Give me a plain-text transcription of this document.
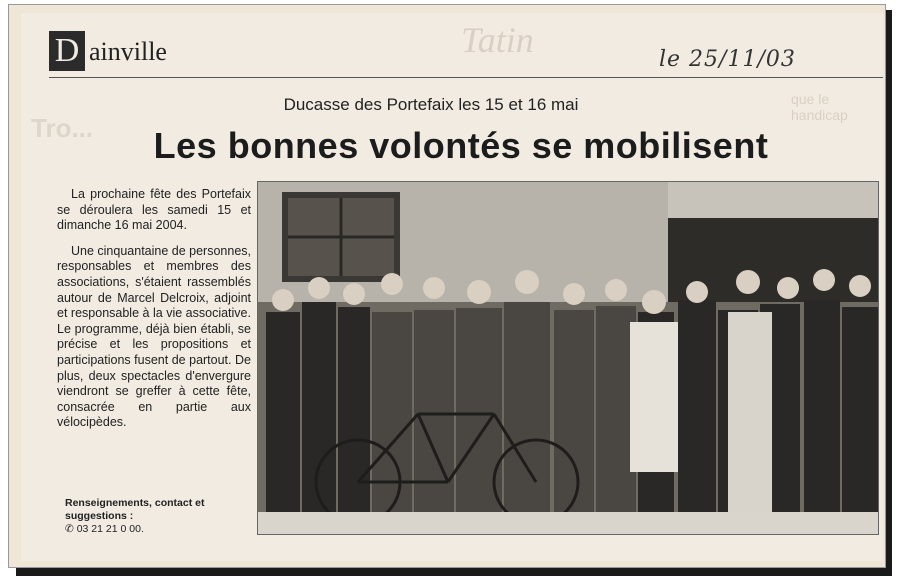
Tatin
que le handicap
Tro...
D ainville	le 25/11/03
Ducasse des Portefaix les 15 et 16 mai
Les bonnes volontés se mobilisent

La prochaine fête des Portefaix se déroulera les samedi 15 et dimanche 16 mai 2004.

Une cinquantaine de personnes, responsables et membres des associations, s'étaient rassemblés autour de Marcel Delcroix, adjoint et responsable à la vie associative. Le programme, déjà bien établi, se précise et les propositions et participations fusent de partout. De plus, deux spectacles d'envergure viendront se greffer à cette fête, consacrée en partie aux vélocipèdes.

Renseignements, contact et suggestions :
✆ 03 21 21 0 00.
